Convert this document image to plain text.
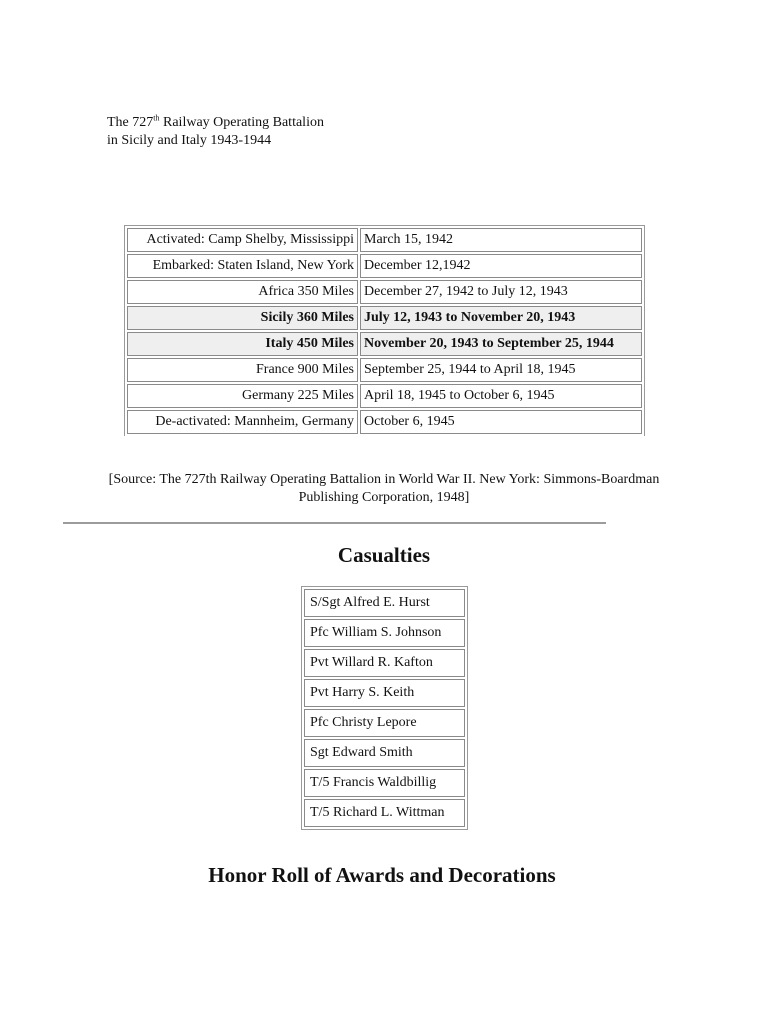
The 727th Railway Operating Battalion
in Sicily and Italy 1943-1944
Activated: Camp Shelby, Mississippi	March 15, 1942
Embarked: Staten Island, New York	December 12,1942
Africa 350 Miles	December 27, 1942 to July 12, 1943
Sicily 360 Miles	July 12, 1943 to November 20, 1943
Italy 450 Miles	November 20, 1943 to September 25, 1944
France 900 Miles	September 25, 1944 to April 18, 1945
Germany 225 Miles	April 18, 1945 to October 6, 1945
De-activated: Mannheim, Germany	October 6, 1945
[Source: The 727th Railway Operating Battalion in World War II. New York: Simmons-Boardman
Publishing Corporation, 1948]
Casualties
S/Sgt Alfred E. Hurst
Pfc William S. Johnson
Pvt Willard R. Kafton
Pvt Harry S. Keith
Pfc Christy Lepore
Sgt Edward Smith
T/5 Francis Waldbillig
T/5 Richard L. Wittman
Honor Roll of Awards and Decorations
